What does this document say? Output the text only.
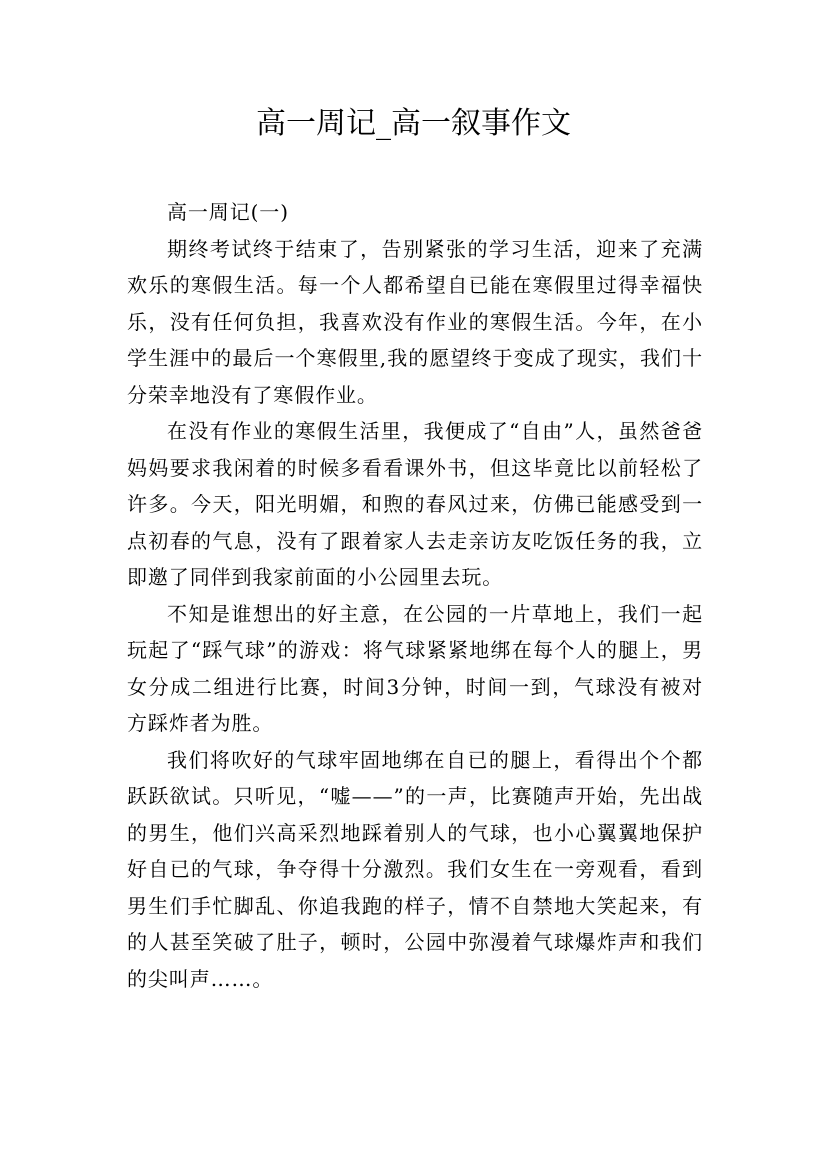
高一周记_高一叙事作文

高一周记(一)

期终考试终于结束了，告别紧张的学习生活，迎来了充满欢乐的寒假生活。每一个人都希望自已能在寒假里过得幸福快乐，没有任何负担，我喜欢没有作业的寒假生活。今年，在小学生涯中的最后一个寒假里,我的愿望终于变成了现实，我们十分荣幸地没有了寒假作业。

在没有作业的寒假生活里，我便成了“自由”人，虽然爸爸妈妈要求我闲着的时候多看看课外书，但这毕竟比以前轻松了许多。今天，阳光明媚，和煦的春风过来，仿佛已能感受到一点初春的气息，没有了跟着家人去走亲访友吃饭任务的我，立即邀了同伴到我家前面的小公园里去玩。

不知是谁想出的好主意，在公园的一片草地上，我们一起玩起了“踩气球”的游戏：将气球紧紧地绑在每个人的腿上，男女分成二组进行比赛，时间3分钟，时间一到，气球没有被对方踩炸者为胜。

我们将吹好的气球牢固地绑在自已的腿上，看得出个个都跃跃欲试。只听见，“嘘——”的一声，比赛随声开始，先出战的男生，他们兴高采烈地踩着别人的气球，也小心翼翼地保护好自已的气球，争夺得十分激烈。我们女生在一旁观看，看到男生们手忙脚乱、你追我跑的样子，情不自禁地大笑起来，有的人甚至笑破了肚子，顿时，公园中弥漫着气球爆炸声和我们的尖叫声……。
